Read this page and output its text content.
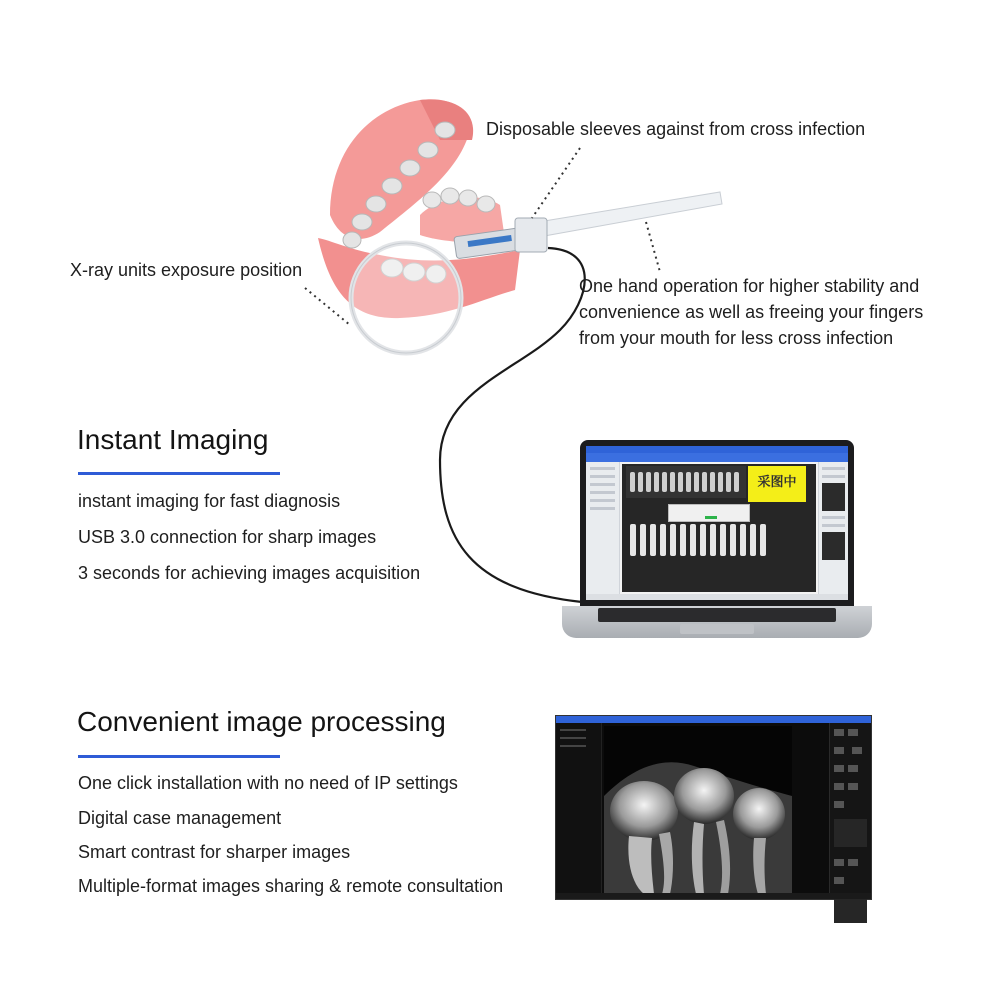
Disposable sleeves against from cross infection
X-ray units exposure position
One hand operation for higher stability and
convenience as well as freeing your fingers
from your mouth for less cross infection
Instant Imaging
instant imaging for fast diagnosis
USB 3.0 connection for sharp images
3 seconds for achieving images acquisition
采图中
Convenient image processing
One click installation with no need of IP settings
Digital case management
Smart contrast for sharper images
Multiple-format images sharing & remote consultation
